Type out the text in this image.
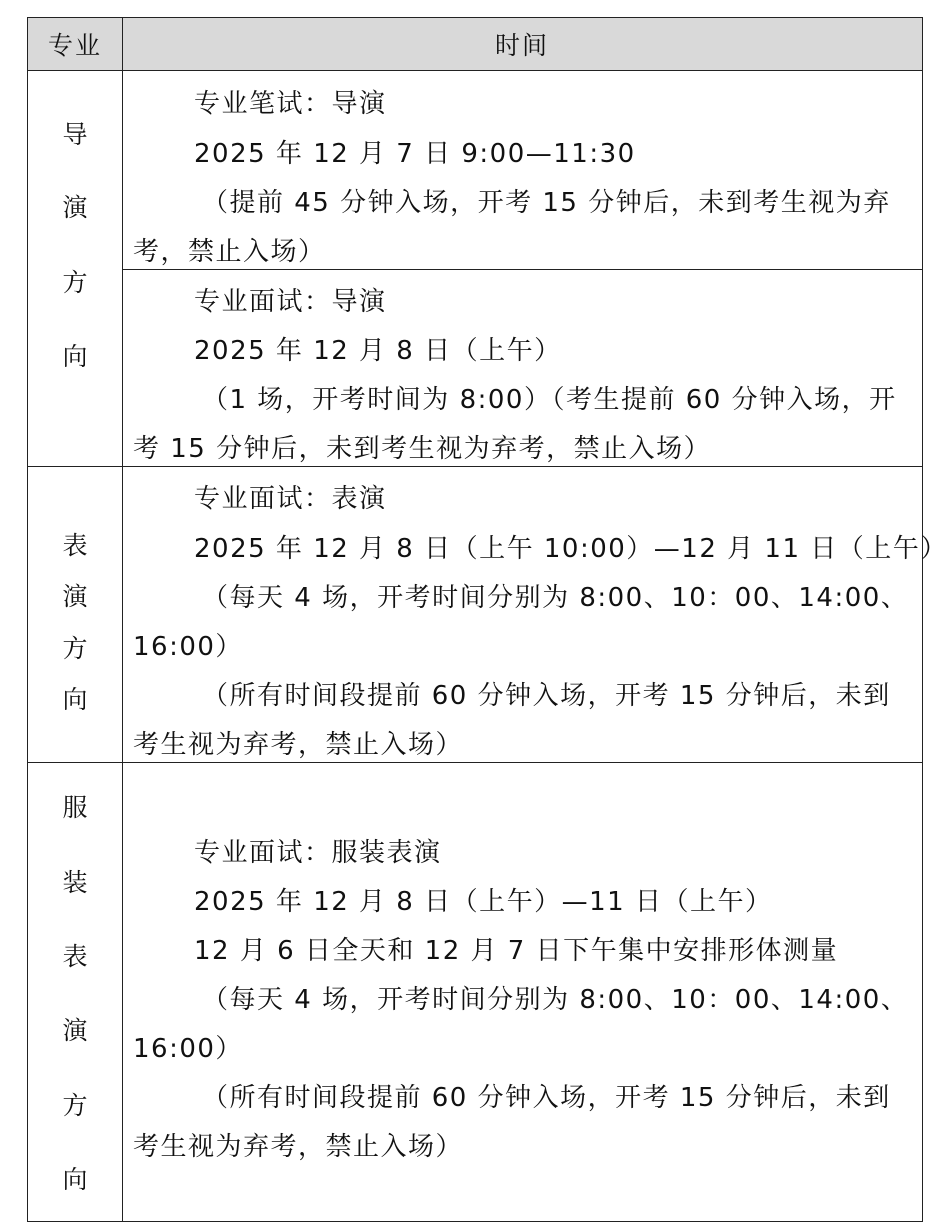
专业	时间
导
演
方
向
专业笔试：导演
2025 年 12 月 7 日 9:00—11:30
（提前 45 分钟入场，开考 15 分钟后，未到考生视为弃
考，禁止入场）
专业面试：导演
2025 年 12 月 8 日（上午）
（1 场，开考时间为 8:00）（考生提前 60 分钟入场，开
考 15 分钟后，未到考生视为弃考，禁止入场）
表
演
方
向
专业面试：表演
2025 年 12 月 8 日（上午 10:00）—12 月 11 日（上午）
（每天 4 场，开考时间分别为 8:00、10：00、14:00、
16:00）
（所有时间段提前 60 分钟入场，开考 15 分钟后，未到
考生视为弃考，禁止入场）
服
装
表
演
方
向
专业面试：服装表演
2025 年 12 月 8 日（上午）—11 日（上午）
12 月 6 日全天和 12 月 7 日下午集中安排形体测量
（每天 4 场，开考时间分别为 8:00、10：00、14:00、
16:00）
（所有时间段提前 60 分钟入场，开考 15 分钟后，未到
考生视为弃考，禁止入场）
